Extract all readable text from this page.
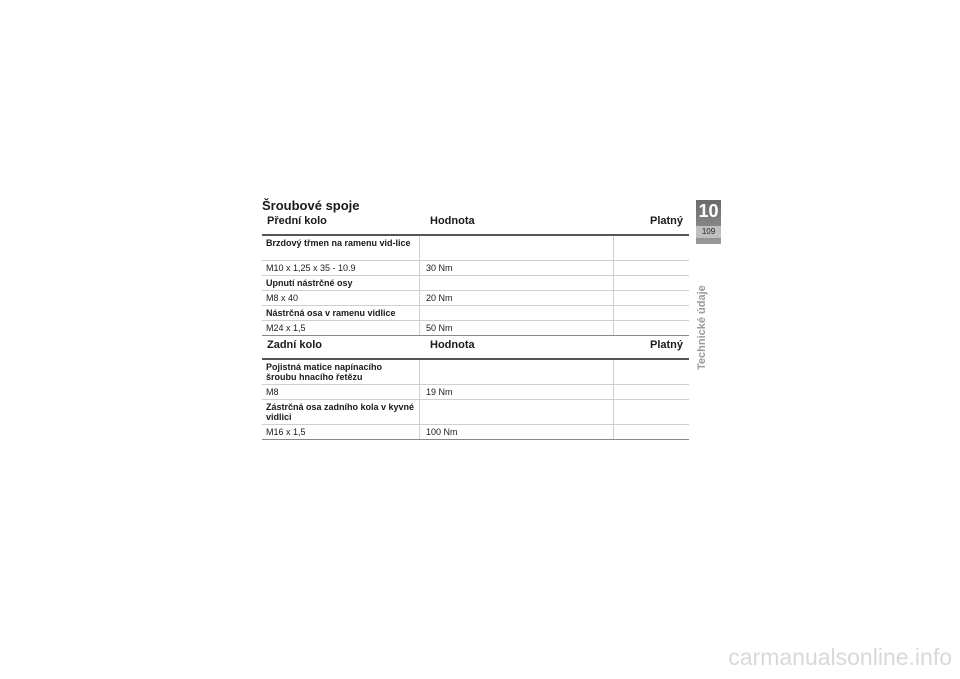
Šroubové spoje
Přední kolo	Hodnota	Platný
Brzdový třmen na ramenu vid-lice
M10 x 1,25 x 35 - 10.9	30 Nm
Upnutí nástrčné osy
M8 x 40	20 Nm
Nástrčná osa v ramenu vidlice
M24 x 1,5	50 Nm
Zadní kolo	Hodnota	Platný
Pojistná matice napínacího šroubu hnacího řetězu
M8	19 Nm
Zástrčná osa zadního kola v kyvné vidlici
M16 x 1,5	100 Nm
10
109
Technické údaje
carmanualsonline.info
